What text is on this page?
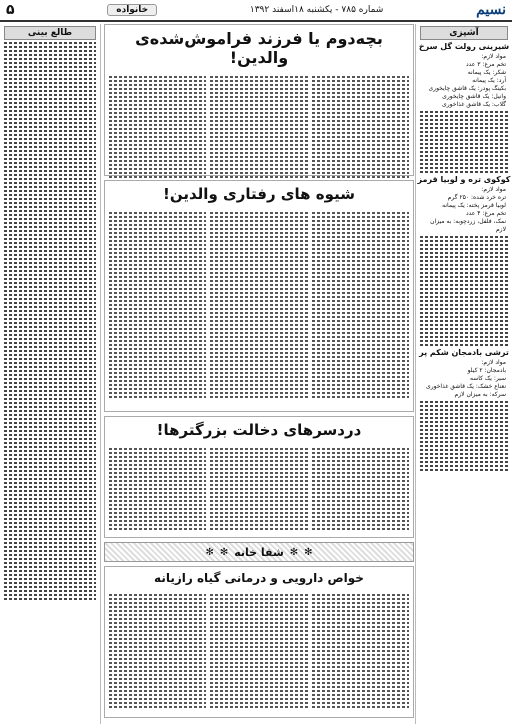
نسیم
شماره ۷۸۵ - یکشنبه ۱۸اسفند ۱۳۹۲
خانواده
۵
آشپزی
شیرینی رولت گل سرخ
مواد لازم:
تخم مرغ: ۳ عدد
شکر: یک پیمانه
آرد: یک پیمانه
بکینگ پودر: یک قاشق چایخوری
وانیل: یک قاشق چایخوری
گلاب: یک قاشق غذاخوری
کوکوی تره و لوبیا قرمز
مواد لازم:
تره خرد شده: ۲۵۰ گرم
لوبیا قرمز پخته: یک پیمانه
تخم مرغ: ۴ عدد
نمک، فلفل، زردچوبه: به میزان لازم
ترشی بادمجان شکم پر
مواد لازم:
بادمجان: ۲ کیلو
سیر: یک کاسه
نعناع خشک: یک قاشق غذاخوری
سرکه: به میزان لازم
طالع بینی	بچه‌دوم یا فرزند فراموش‌شده‌ی والدین!
شیوه‌ های رفتاری والدین!
دردسرهای دخالت بزرگترها!
✻
✻
شفا خانه
✻
✻
خواص دارویی و درمانی گیاه رازیانه
